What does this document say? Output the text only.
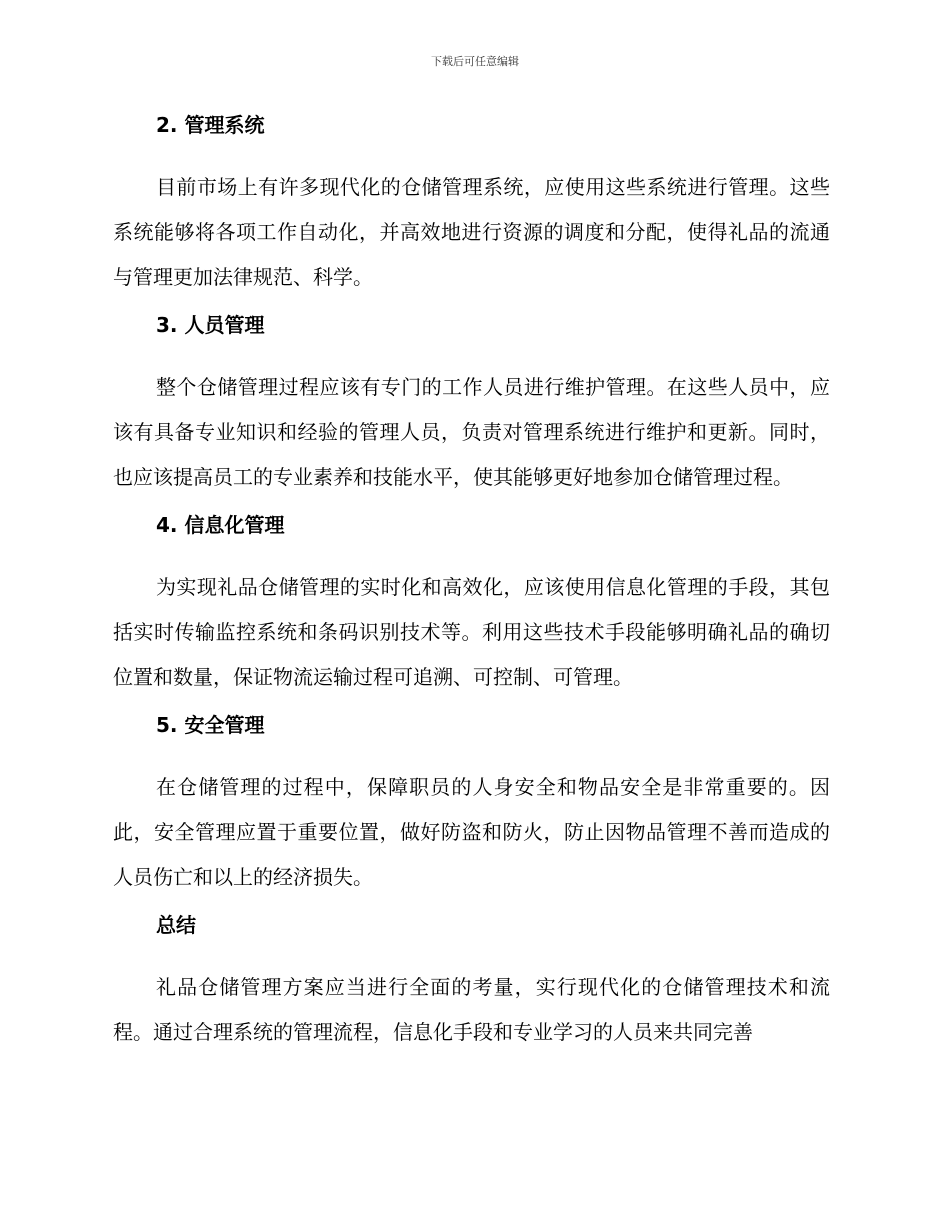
下载后可任意编辑

2. 管理系统

目前市场上有许多现代化的仓储管理系统，应使用这些系统进行管理。这些系统能够将各项工作自动化，并高效地进行资源的调度和分配，使得礼品的流通与管理更加法律规范、科学。

3. 人员管理

整个仓储管理过程应该有专门的工作人员进行维护管理。在这些人员中，应该有具备专业知识和经验的管理人员，负责对管理系统进行维护和更新。同时，也应该提高员工的专业素养和技能水平，使其能够更好地参加仓储管理过程。

4. 信息化管理

为实现礼品仓储管理的实时化和高效化，应该使用信息化管理的手段，其包括实时传输监控系统和条码识别技术等。利用这些技术手段能够明确礼品的确切位置和数量，保证物流运输过程可追溯、可控制、可管理。

5. 安全管理

在仓储管理的过程中，保障职员的人身安全和物品安全是非常重要的。因此，安全管理应置于重要位置，做好防盗和防火，防止因物品管理不善而造成的人员伤亡和以上的经济损失。

总结

礼品仓储管理方案应当进行全面的考量，实行现代化的仓储管理技术和流程。通过合理系统的管理流程，信息化手段和专业学习的人员来共同完善
